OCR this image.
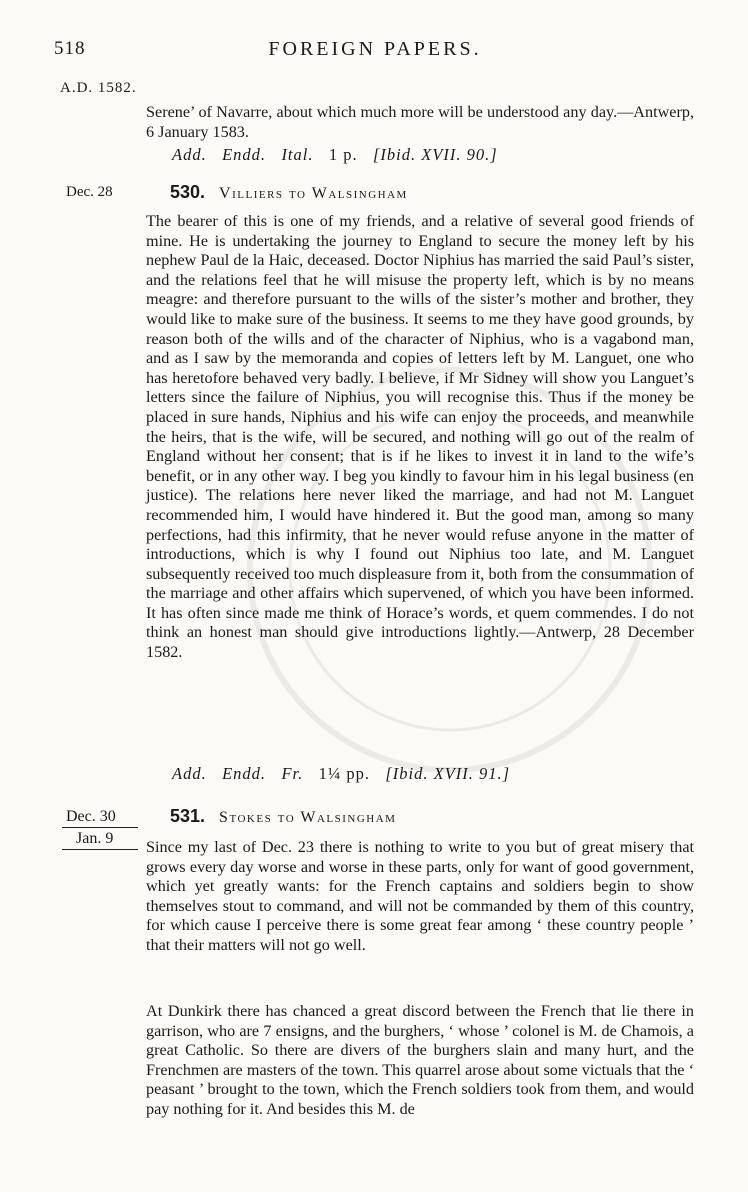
518	FOREIGN PAPERS.
A.D. 1582.

Serene’ of Navarre, about which much more will be understood any day.—Antwerp, 6 January 1583.

Add. Endd. Ital. 1 p. [Ibid. XVII. 90.]
Dec. 28	530. Villiers to Walsingham

The bearer of this is one of my friends, and a relative of several good friends of mine. He is undertaking the journey to England to secure the money left by his nephew Paul de la Haic, deceased. Doctor Niphius has married the said Paul’s sister, and the relations feel that he will misuse the property left, which is by no means meagre: and therefore pursuant to the wills of the sister’s mother and brother, they would like to make sure of the business. It seems to me they have good grounds, by reason both of the wills and of the character of Niphius, who is a vagabond man, and as I saw by the memoranda and copies of letters left by M. Languet, one who has heretofore behaved very badly. I believe, if Mr Sidney will show you Languet’s letters since the failure of Niphius, you will recognise this. Thus if the money be placed in sure hands, Niphius and his wife can enjoy the proceeds, and meanwhile the heirs, that is the wife, will be secured, and nothing will go out of the realm of England without her consent; that is if he likes to invest it in land to the wife’s benefit, or in any other way. I beg you kindly to favour him in his legal business (en justice). The relations here never liked the marriage, and had not M. Languet recommended him, I would have hindered it. But the good man, among so many perfections, had this infirmity, that he never would refuse anyone in the matter of introductions, which is why I found out Niphius too late, and M. Languet subsequently received too much displeasure from it, both from the consummation of the marriage and other affairs which supervened, of which you have been informed. It has often since made me think of Horace’s words, et quem commendes. I do not think an honest man should give introductions lightly.—Antwerp, 28 December 1582.

Add. Endd. Fr. 1¼ pp. [Ibid. XVII. 91.]
Dec. 30
Jan. 9
531. Stokes to Walsingham

Since my last of Dec. 23 there is nothing to write to you but of great misery that grows every day worse and worse in these parts, only for want of good government, which yet greatly wants: for the French captains and soldiers begin to show themselves stout to command, and will not be commanded by them of this country, for which cause I perceive there is some great fear among ‘ these country people ’ that their matters will not go well.

At Dunkirk there has chanced a great discord between the French that lie there in garrison, who are 7 ensigns, and the burghers, ‘ whose ’ colonel is M. de Chamois, a great Catholic. So there are divers of the burghers slain and many hurt, and the Frenchmen are masters of the town. This quarrel arose about some victuals that the ‘ peasant ’ brought to the town, which the French soldiers took from them, and would pay nothing for it. And besides this M. de
